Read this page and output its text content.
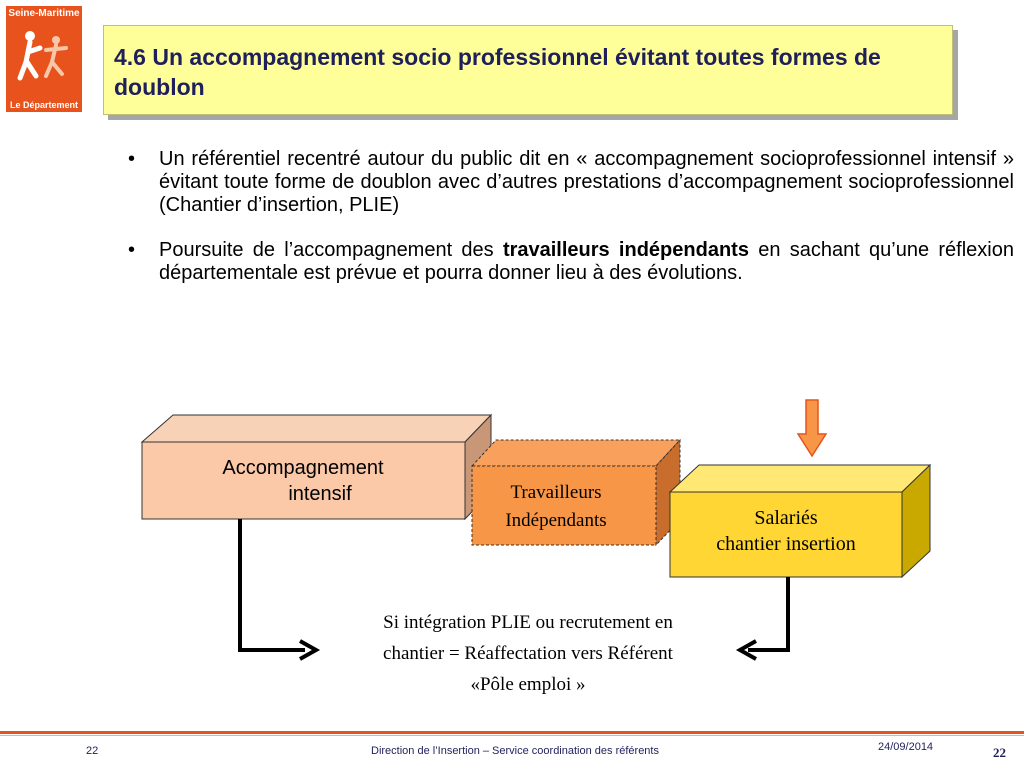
Seine-Maritime
Le Département
4.6 Un accompagnement socio professionnel évitant toutes formes de doublon
• Un référentiel recentré autour du public dit en « accompagnement socioprofessionnel intensif » évitant toute forme de doublon avec d’autres prestations d’accompagnement socioprofessionnel (Chantier d’insertion, PLIE)
• Poursuite de l’accompagnement des travailleurs indépendants en sachant qu’une réflexion départementale est prévue et pourra donner lieu à des évolutions.
Accompagnement
intensif	Travailleurs
Indépendants	Salariés
chantier insertion
Si intégration PLIE ou recrutement en
chantier = Réaffectation vers Référent
«Pôle emploi »
22	Direction de l’Insertion – Service coordination des référents	24/09/2014	22
